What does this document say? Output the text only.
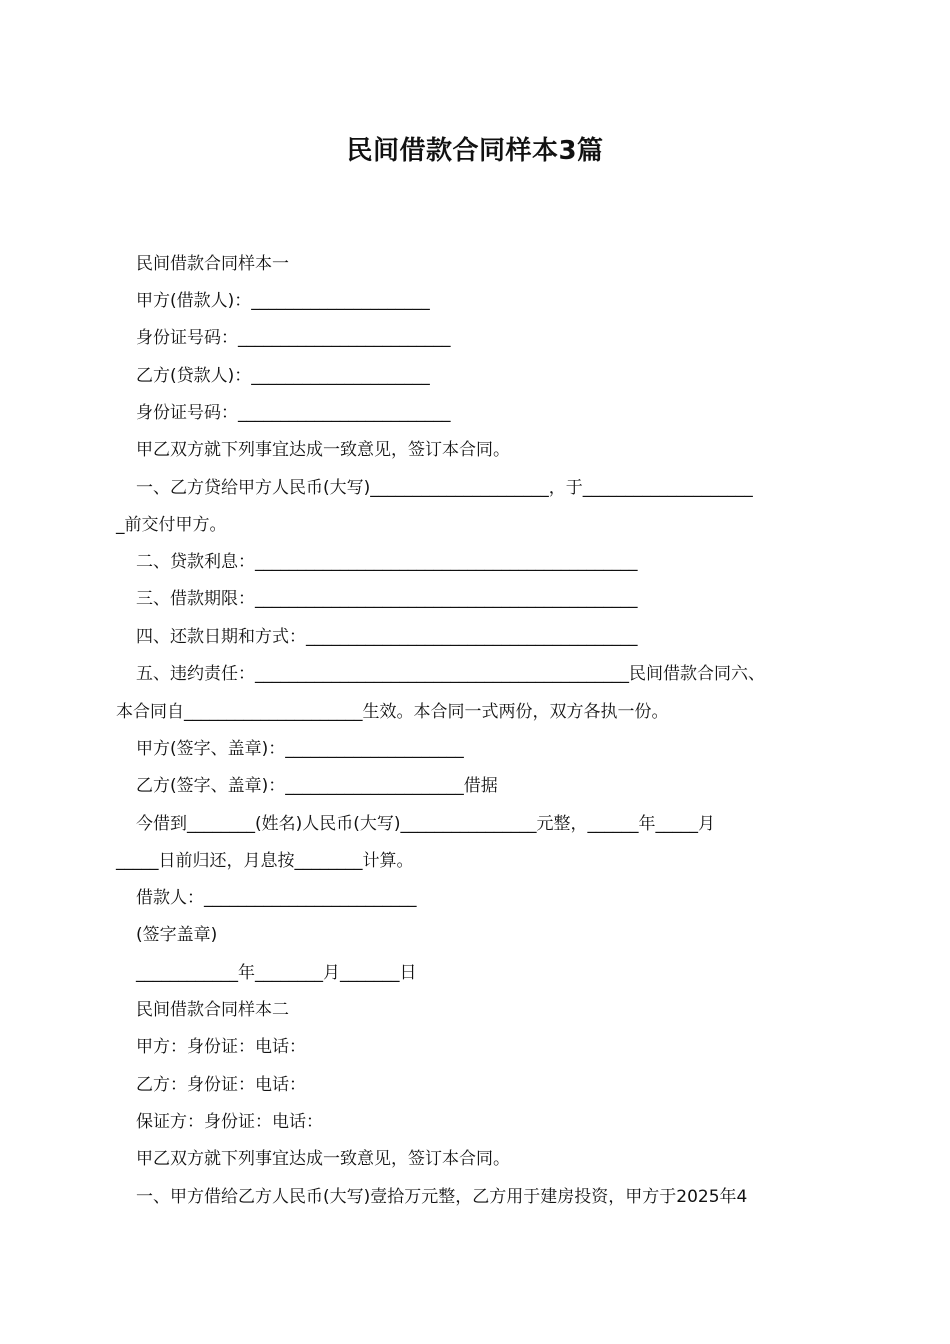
民间借款合同样本3篇
民间借款合同样本一
甲方(借款人)：_____________________
身份证号码：_________________________
乙方(贷款人)：_____________________
身份证号码：_________________________
甲乙双方就下列事宜达成一致意见，签订本合同。
一、乙方贷给甲方人民币(大写)_____________________，于____________________
_前交付甲方。
二、贷款利息：_____________________________________________
三、借款期限：_____________________________________________
四、还款日期和方式：_______________________________________
五、违约责任：____________________________________________民间借款合同六、
本合同自_____________________生效。本合同一式两份，双方各执一份。
甲方(签字、盖章)：_____________________
乙方(签字、盖章)：_____________________借据
今借到________(姓名)人民币(大写)________________元整，______年_____月
_____日前归还，月息按________计算。
借款人：_________________________
(签字盖章)
____________年________月_______日
民间借款合同样本二
甲方：身份证：电话：
乙方：身份证：电话：
保证方：身份证：电话：
甲乙双方就下列事宜达成一致意见，签订本合同。
一、甲方借给乙方人民币(大写)壹拾万元整，乙方用于建房投资，甲方于2025年4
